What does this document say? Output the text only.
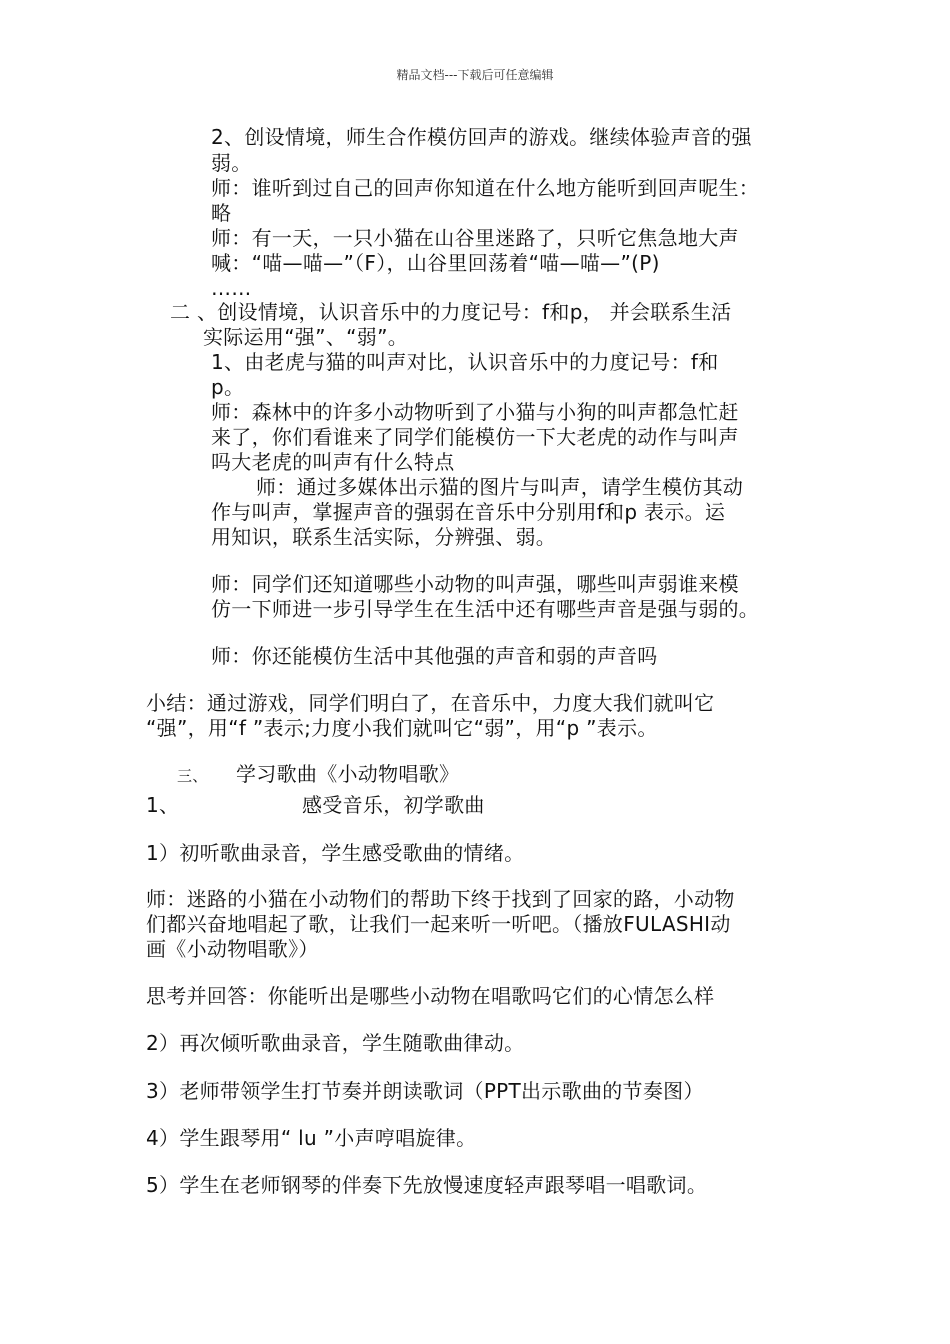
精品文档---下载后可任意编辑
2、创设情境，师生合作模仿回声的游戏。继续体验声音的强
弱。
师：谁听到过自己的回声你知道在什么地方能听到回声呢生：
略
师：有一天，一只小猫在山谷里迷路了，只听它焦急地大声
喊：“喵—喵—”（F），山谷里回荡着“喵—喵—”(P)
……
二 、创设情境，认识音乐中的力度记号：f和p， 并会联系生活
实际运用“强”、“弱”。
1、由老虎与猫的叫声对比，认识音乐中的力度记号：f和
p。
师：森林中的许多小动物听到了小猫与小狗的叫声都急忙赶
来了，你们看谁来了同学们能模仿一下大老虎的动作与叫声
吗大老虎的叫声有什么特点
师：通过多媒体出示猫的图片与叫声，请学生模仿其动
作与叫声，掌握声音的强弱在音乐中分别用f和p 表示。运
用知识，联系生活实际，分辨强、弱。
师：同学们还知道哪些小动物的叫声强，哪些叫声弱谁来模
仿一下师进一步引导学生在生活中还有哪些声音是强与弱的。
师：你还能模仿生活中其他强的声音和弱的声音吗
小结：通过游戏，同学们明白了，在音乐中，力度大我们就叫它
“强”，用“f ”表示;力度小我们就叫它“弱”，用“p ”表示。
三、 学习歌曲《小动物唱歌》
1、	感受音乐，初学歌曲
1）初听歌曲录音，学生感受歌曲的情绪。
师：迷路的小猫在小动物们的帮助下终于找到了回家的路，小动物
们都兴奋地唱起了歌，让我们一起来听一听吧。（播放FULASHI动
画《小动物唱歌》）
思考并回答：你能听出是哪些小动物在唱歌吗它们的心情怎么样
2）再次倾听歌曲录音，学生随歌曲律动。
3）老师带领学生打节奏并朗读歌词（PPT出示歌曲的节奏图）
4）学生跟琴用“ lu ”小声哼唱旋律。
5）学生在老师钢琴的伴奏下先放慢速度轻声跟琴唱一唱歌词。
